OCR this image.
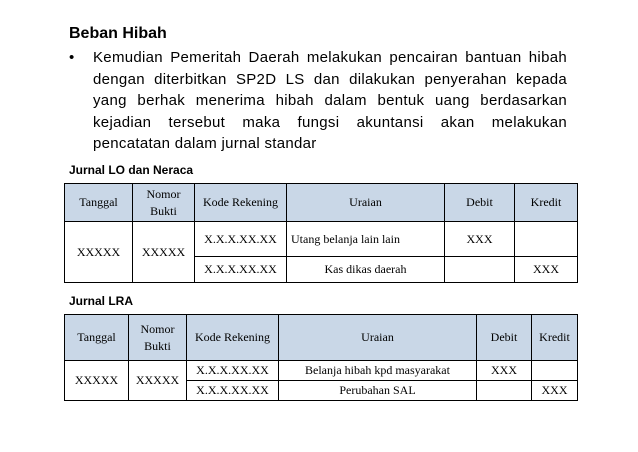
Beban Hibah
• Kemudian Pemeritah Daerah melakukan pencairan bantuan hibah dengan diterbitkan SP2D LS dan dilakukan penyerahan kepada yang berhak menerima hibah dalam bentuk uang berdasarkan kejadian tersebut maka fungsi akuntansi akan melakukan pencatatan dalam jurnal standar

Jurnal LO dan Neraca

Tanggal	Nomor Bukti	Kode Rekening	Uraian	Debit	Kredit
XXXXX	XXXXX	X.X.X.XX.XX	Utang belanja lain lain	XXX	
		X.X.X.XX.XX	Kas dikas daerah		XXX

Jurnal LRA

Tanggal	Nomor Bukti	Kode Rekening	Uraian	Debit	Kredit
XXXXX	XXXXX	X.X.X.XX.XX	Belanja hibah kpd masyarakat	XXX	
		X.X.X.XX.XX	Perubahan SAL		XXX
